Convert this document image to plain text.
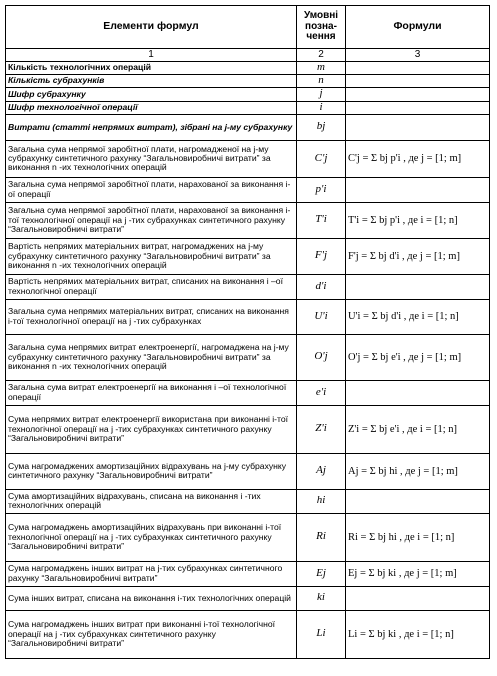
Елементи формул	Умовні позна-чення	Формули
1	2	3
Кількість технологічних операцій	m	
Кількість субрахунків	n	
Шифр субрахунку	j	
Шифр технологічної операції	i	
Витрати (статті непрямих витрат), зібрані на j-му субрахунку	bj	
Загальна сума непрямої заробітної плати, нагромадженої на j-му субрахунку синтетичного рахунку “Загальновиробничі витрати” за виконання n -их технологічних операцій	C'j	C'j = Σ bj p'i , де j = [1; m]
Загальна сума непрямої заробітної плати, нарахованої за виконання і-ої операції	p'i	
Загальна сума непрямої заробітної плати, нарахованої за виконання і-тої технологічної операції на j -тих субрахунках синтетичного рахунку “Загальновиробничі витрати”	T'i	T'i = Σ bj p'i , де i = [1; n]
Вартість непрямих матеріальних витрат, нагромаджених на j-му субрахунку синтетичного рахунку “Загальновиробничі витрати” за виконання n -их технологічних операцій	F'j	F'j = Σ bj d'i , де j = [1; m]
Вартість непрямих матеріальних витрат, списаних на виконання і –ої технологічної операції	d'i	
Загальна сума непрямих матеріальних витрат, списаних на виконання і-тої технологічної операції на j -тих субрахунках	U'i	U'i = Σ bj d'i , де i = [1; n]
Загальна сума непрямих витрат електроенергії, нагромаджена на j-му субрахунку синтетичного рахунку “Загальновиробничі витрати” за виконання n -их технологічних операцій	O'j	O'j = Σ bj e'i , де j = [1; m]
Загальна сума витрат електроенергії на виконання і –ої технологічної операції	e'i	
Сума непрямих витрат електроенергії використана при виконанні і-тої технологічної операції на j -тих субрахунках синтетичного рахунку “Загальновиробничі витрати”	Z'i	Z'i = Σ bj e'i , де i = [1; n]
Сума нагромаджених амортизаційних відрахувань на j-му субрахунку синтетичного рахунку “Загальновиробничі витрати”	Aj	Aj = Σ bj hi , де j = [1; m]
Сума амортизаційних відрахувань, списана на виконання і -тих технологічних операцій	hi	
Сума нагромаджень амортизаційних відрахувань при виконанні і-тої технологічної операції на j -тих субрахунках синтетичного рахунку “Загальновиробничі витрати”	Ri	Ri = Σ bj hi , де i = [1; n]
Сума нагромаджень інших витрат на j-тих субрахунках синтетичного рахунку “Загальновиробничі витрати”	Ej	Ej = Σ bj ki , де j = [1; m]
Сума інших витрат, списана на виконання і-тих технологічних операцій	ki	
Сума нагромаджень інших витрат при виконанні і-тої технологічної операції на j -тих субрахунках синтетичного рахунку “Загальновиробничі витрати”	Li	Li = Σ bj ki , де i = [1; n]
